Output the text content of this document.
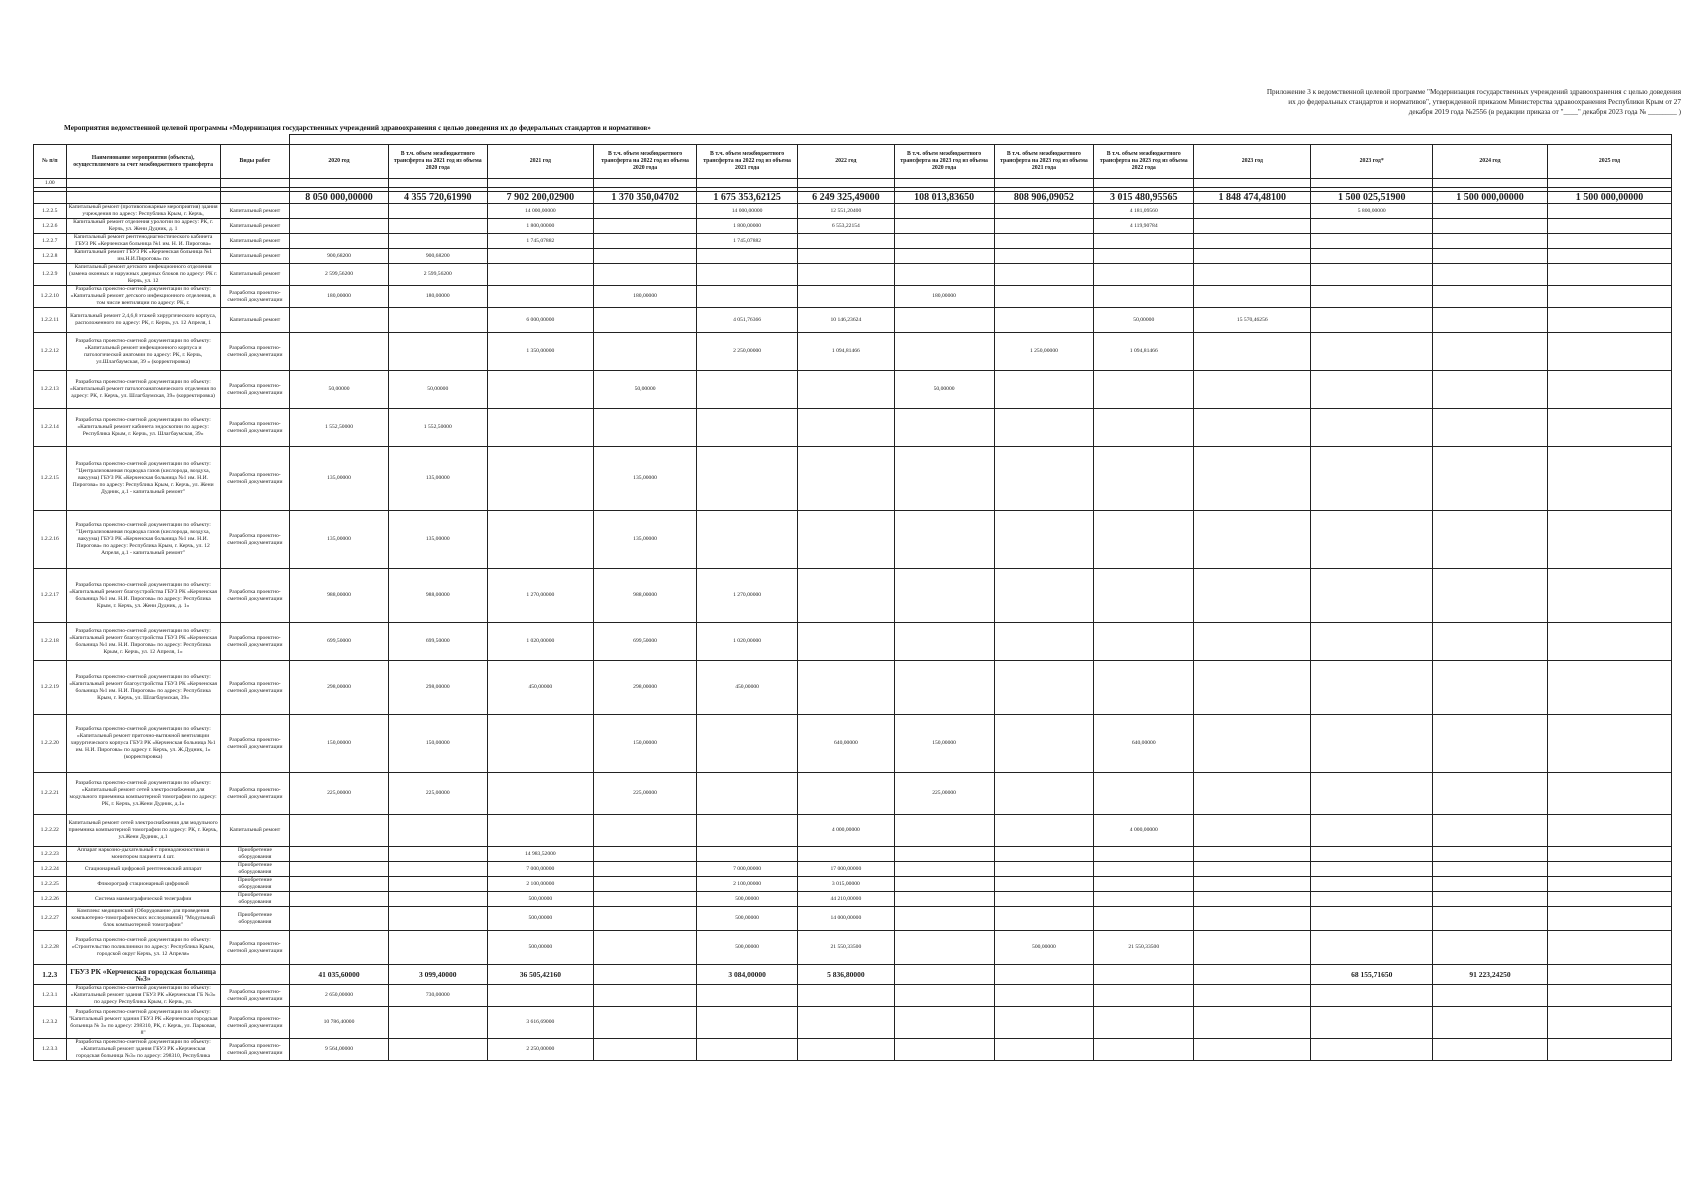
Приложение 3 к ведомственной целевой программе "Модернизация государственных учреждений здравоохранения с целью доведения
их до федеральных стандартов и нормативов", утвержденной приказом Министерства здравоохранения Республики Крым от 27
декабря 2019 года №2556 (в редакции приказа от "____" декабря 2023 года № ________ )
Мероприятия ведомственной целевой программы «Модернизация государственных учреждений здравоохранения с целью доведения их до федеральных стандартов и нормативов»

№ п/п	Наименование мероприятия (объекта), осуществляемого за счет межбюджетного трансферта	Виды работ	2020 год	В т.ч. объем межбюджетного трансферта на 2021 год из объема 2020 года	2021 год	В т.ч. объем межбюджетного трансферта на 2022 год из объема 2020 года	В т.ч. объем межбюджетного трансферта на 2022 год из объема 2021 года	2022 год	В т.ч. объем межбюджетного трансферта на 2023 год из объема 2020 года	В т.ч. объем межбюджетного трансферта на 2023 год из объема 2021 года	В т.ч. объем межбюджетного трансферта на 2023 год из объема 2022 года	2023 год	2023 год*	2024 год	2025 год
1.00															

			8 050 000,00000	4 355 720,61990	7 902 200,02900	1 370 350,04702	1 675 353,62125	6 249 325,49000	108 013,83650	808 906,09052	3 015 480,95565	1 848 474,48100	1 500 025,51900	1 500 000,00000	1 500 000,00000
1.2.2.5	Капитальный ремонт (противопожарные мероприятия) здания учреждения по адресу: Республика Крым, г. Керчь,	Капитальный ремонт			14 000,00000		14 000,00000	12 551,20400			4 181,09560		5 800,00000		
1.2.2.6	Капитальный ремонт отделения урологии по адресу: РК, г. Керчь, ул. Жени Дудник, д. 1	Капитальный ремонт			1 800,00000		1 800,00000	6 553,22154			4 119,90784				
1.2.2.7	Капитальный ремонт рентгенодиагностического кабинета ГБУЗ РК «Керченская больница №1 им. Н. И. Пирогова»	Капитальный ремонт			1 745,07882		1 745,07882								
1.2.2.8	Капитальный ремонт ГБУЗ РК «Керченская больница №1 им.Н.И.Пирогова» по	Капитальный ремонт	900,68200	900,68200											
1.2.2.9	Капитальный ремонт детского инфекционного отделения (замена оконных и наружных дверных блоков по адресу: РК г. Керчь, ул. 12	Капитальный ремонт	2 599,56200	2 599,56200											
1.2.2.10	Разработка проектно-сметной документации по объекту: «Капитальный ремонт детского инфекционного отделения, в том числе вентиляции по адресу: РК, г.	Разработка проектно-сметной документации	180,00000	180,00000		180,00000			180,00000						
1.2.2.11	Капитальный ремонт 2,4,6,8 этажей хирургического корпуса, расположенного по адресу: РК, г. Керчь, ул. 12 Апреля, 1	Капитальный ремонт			6 000,00000		4 051,76366	10 146,23624			50,00000	15 570,46256			
1.2.2.12	Разработка проектно-сметной документации по объекту: «Капитальный ремонт инфекционного корпуса и патологической анатомии по адресу: РК, г. Керчь, ул.Шлагбаумская, 39 » (корректировка)	Разработка проектно-сметной документации			1 350,00000		2 250,00000	1 094,81466		1 250,00000	1 094,81466				
1.2.2.13	Разработка проектно-сметной документации по объекту: «Капитальный ремонт патологоанатомического отделения по адресу: РК, г. Керчь, ул. Шлагбаумская, 39» (корректировка)	Разработка проектно-сметной документации	50,00000	50,00000		50,00000			50,00000						
1.2.2.14	Разработка проектно-сметной документации по объекту: «Капитальный ремонт кабинета эндоскопии по адресу: Республика Крым, г. Керчь, ул. Шлагбаумская, 39»	Разработка проектно-сметной документации	1 552,50000	1 552,50000											
1.2.2.15	Разработка проектно-сметной документации по объекту: "Централизованная подводка газов (кислорода, воздуха, вакуума) ГБУЗ РК «Керченская больница №1 им. Н.И. Пирогова» по адресу: Республика Крым, г. Керчь, ул. Жени Дудник, д.1 - капитальный ремонт"	Разработка проектно-сметной документации	135,00000	135,00000		135,00000									
1.2.2.16	Разработка проектно-сметной документации по объекту: "Централизованная подводка газов (кислорода, воздуха, вакуума) ГБУЗ РК «Керченская больница №1 им. Н.И. Пирогова» по адресу: Республика Крым, г. Керчь, ул. 12 Апреля, д.1 - капитальный ремонт"	Разработка проектно-сметной документации	135,00000	135,00000		135,00000									
1.2.2.17	Разработка проектно-сметной документации по объекту: «Капитальный ремонт благоустройства ГБУЗ РК «Керченская больница №1 им. Н.И. Пирогова» по адресу: Республика Крым, г. Керчь, ул. Жени Дудник, д. 1»	Разработка проектно-сметной документации	988,00000	988,00000	1 270,00000	988,00000	1 270,00000								
1.2.2.18	Разработка проектно-сметной документации по объекту: «Капитальный ремонт благоустройства ГБУЗ РК «Керченская больница №1 им. Н.И. Пирогова» по адресу: Республика Крым, г. Керчь, ул. 12 Апреля, 1»	Разработка проектно-сметной документации	699,50000	699,50000	1 020,00000	699,50000	1 020,00000								
1.2.2.19	Разработка проектно-сметной документации по объекту: «Капитальный ремонт благоустройства ГБУЗ РК «Керченская больница №1 им. Н.И. Пирогова» по адресу: Республика Крым, г. Керчь, ул. Шлагбаумская, 39»	Разработка проектно-сметной документации	298,00000	298,00000	450,00000	298,00000	450,00000								
1.2.2.20	Разработка проектно-сметной документации по объекту: «Капитальный ремонт приточно-вытяжной вентиляции хирургического корпуса ГБУЗ РК «Керченская больница №1 им. Н.И. Пирогова» по адресу г. Керчь, ул. Ж.Дудник, 1» (корректировка)	Разработка проектно-сметной документации	150,00000	150,00000		150,00000		640,00000	150,00000		640,00000				
1.2.2.21	Разработка проектно-сметной документации по объекту: «Капитальный ремонт сетей электроснабжения для модульного приемника компьютерной томографии по адресу: РК, г. Керчь, ул.Жени Дудник, д.1»	Разработка проектно-сметной документации	225,00000	225,00000		225,00000			225,00000						
1.2.2.22	Капитальный ремонт сетей электроснабжения для модульного приемника компьютерной томографии по адресу: РК, г. Керчь, ул.Жени Дудник, д.1	Капитальный ремонт						4 000,00000			4 000,00000				
1.2.2.23	Аппарат наркозно-дыхательный с принадлежностями и монитором пациента 4 шт.	Приобретение оборудования			14 983,52000										
1.2.2.24	Стационарный цифровой рентгеновский аппарат	Приобретение оборудования			7 000,00000		7 000,00000	17 000,00000							
1.2.2.25	Флюорограф стационарный цифровой	Приобретение оборудования			2 100,00000		2 100,00000	3 015,00000							
1.2.2.26	Система маммографической телеграфии	Приобретение оборудования			500,00000		500,00000	44 210,00000							
1.2.2.27	Комплекс медицинский (Оборудование для проведения компьютерно-томографических исследований) "Модульный блок компьютерной томографии"	Приобретение оборудования			500,00000		500,00000	14 000,00000							
1.2.2.28	Разработка проектно-сметной документации по объекту: «Строительство поликлиники по адресу: Республика Крым, городской округ Керчь, ул. 12 Апреля»	Разработка проектно-сметной документации			500,00000		500,00000	21 550,33500		500,00000	21 550,33500				
1.2.3	ГБУЗ РК «Керченская городская больница №3»		41 035,60000	3 099,40000	36 505,42160		3 084,00000	5 836,80000					68 155,71650	91 223,24250	
1.2.3.1	Разработка проектно-сметной документации по объекту: «Капитальный ремонт здания ГБУЗ РК «Керченская ГБ №3» по адресу Республика Крым, г. Керчь, ул.	Разработка проектно-сметной документации	2 650,00000	730,00000											
1.2.3.2	Разработка проектно-сметной документации по объекту: "Капитальный ремонт здания ГБУЗ РК «Керченская городская больница № 3» по адресу: 298310, РК, г. Керчь, ул. Парковая, 8"	Разработка проектно-сметной документации	10 786,40000		3 616,69000										
1.2.3.3	Разработка проектно-сметной документации по объекту: «Капитальный ремонт здания ГБУЗ РК «Керченская городская больница №3» по адресу: 298310, Республика	Разработка проектно-сметной документации	9 564,00000		2 250,00000										
